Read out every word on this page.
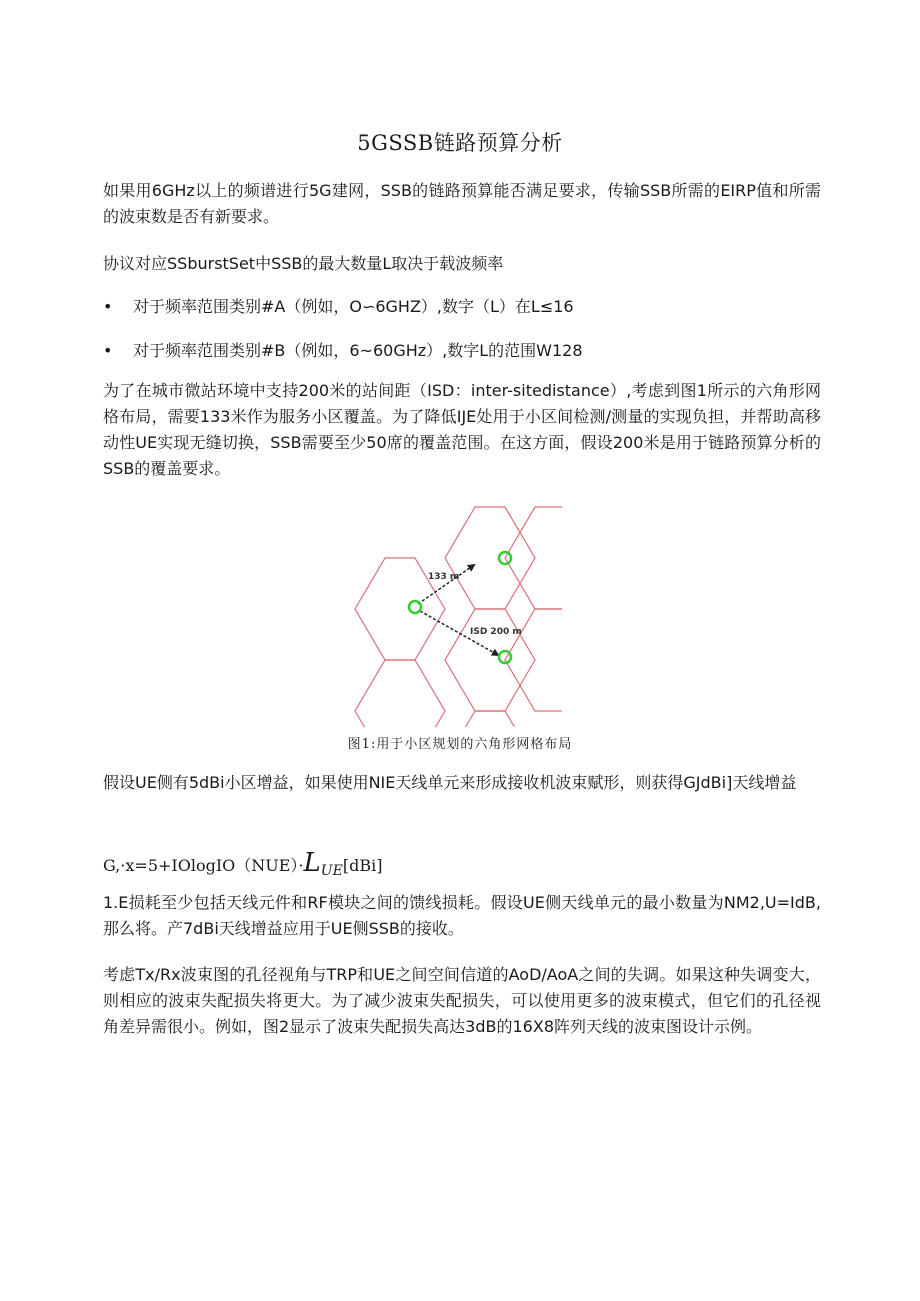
5GSSB链路预算分析
如果用6GHz以上的频谱进行5G建网，SSB的链路预算能否满足要求，传输SSB所需的EIRP值和所需的波束数是否有新要求。
协议对应SSburstSet中SSB的最大数量L取决于载波频率
• 对于频率范围类别#A（例如，O∽6GHZ）,数字（L）在L≤16
• 对于频率范围类别#B（例如，6~60GHz）,数字L的范围W128
为了在城市微站环境中支持200米的站间距（ISD：inter-sitedistance）,考虑到图1所示的六角形网格布局，需要133米作为服务小区覆盖。为了降低IJE处用于小区间检测/测量的实现负担，并帮助高移动性UE实现无缝切换，SSB需要至少50席的覆盖范围。在这方面，假设200米是用于链路预算分析的SSB的覆盖要求。
133 m
ISD 200 m
图1:用于小区规划的六角形网格布局
假设UE侧有5dBi小区增益，如果使用NIE天线单元来形成接收机波束赋形，则获得GJdBi]天线增益
$G,\cdot x=5+IOlogIO(NUE)\cdot L_{UE}[dBi]$
1.E损耗至少包括天线元件和RF模块之间的馈线损耗。假设UE侧天线单元的最小数量为NM2,U=IdB,那么将。产7dBi天线增益应用于UE侧SSB的接收。
考虑Tx/Rx波束图的孔径视角与TRP和UE之间空间信道的AoD/AoA之间的失调。如果这种失调变大，则相应的波束失配损失将更大。为了减少波束失配损失，可以使用更多的波束模式，但它们的孔径视角差异需很小。例如，图2显示了波束失配损失高达3dB的16X8阵列天线的波束图设计示例。
